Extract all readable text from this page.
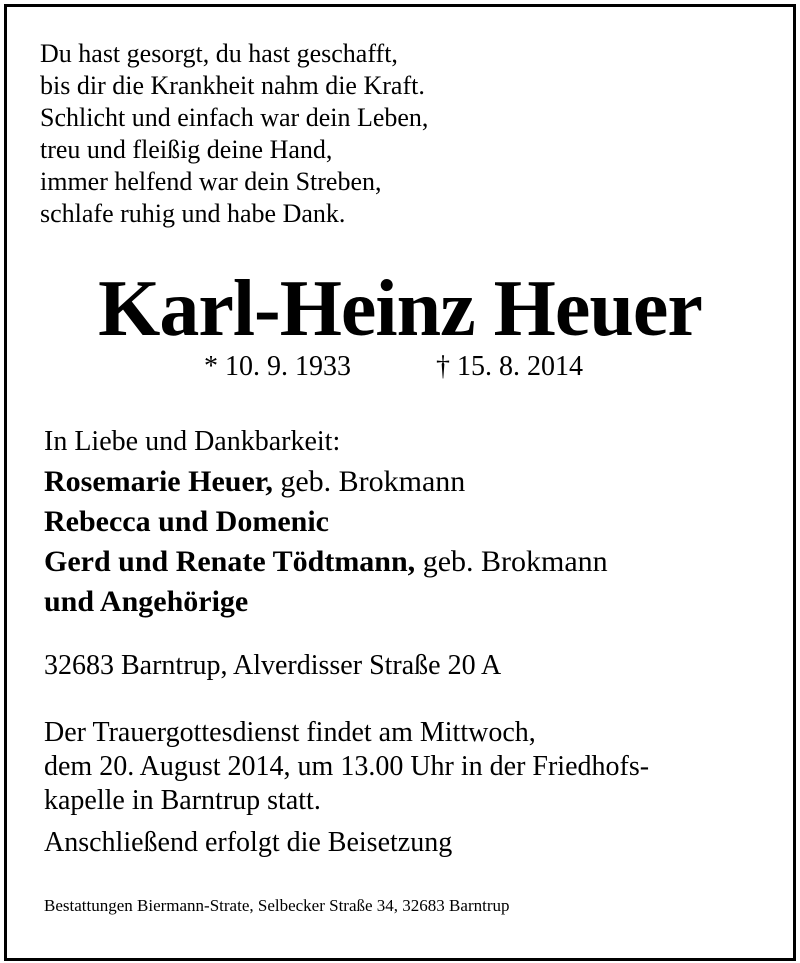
Du hast gesorgt, du hast geschafft,
bis dir die Krankheit nahm die Kraft.
Schlicht und einfach war dein Leben,
treu und fleißig deine Hand,
immer helfend war dein Streben,
schlafe ruhig und habe Dank.
Karl-Heinz Heuer
* 10. 9. 1933	† 15. 8. 2014
In Liebe und Dankbarkeit:
Rosemarie Heuer, geb. Brokmann
Rebecca und Domenic
Gerd und Renate Tödtmann, geb. Brokmann
und Angehörige
32683 Barntrup, Alverdisser Straße 20 A
Der Trauergottesdienst findet am Mittwoch,
dem 20. August 2014, um 13.00 Uhr in der Friedhofs-
kapelle in Barntrup statt.
Anschließend erfolgt die Beisetzung
Bestattungen Biermann-Strate, Selbecker Straße 34, 32683 Barntrup
